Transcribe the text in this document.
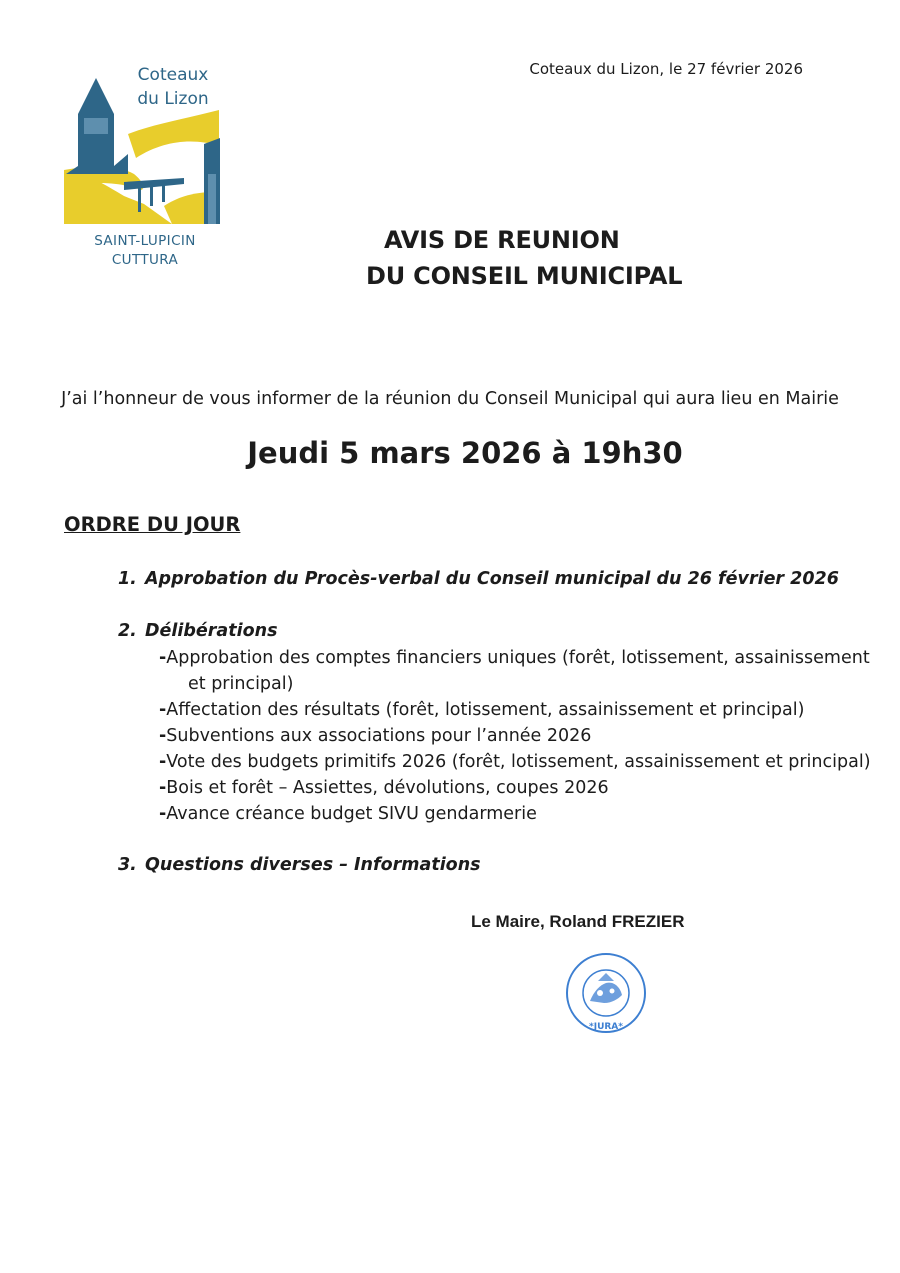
Coteaux
du Lizon
SAINT-LUPICIN
CUTTURA
Coteaux du Lizon, le 27 février 2026
AVIS DE REUNION
DU CONSEIL MUNICIPAL
J’ai l’honneur de vous informer de la réunion du Conseil Municipal qui aura lieu en Mairie
Jeudi 5 mars 2026 à 19h30
ORDRE DU JOUR
1. Approbation du Procès-verbal du Conseil municipal du 26 février 2026
2. Délibérations
-Approbation des comptes financiers uniques (forêt, lotissement, assainissement
et principal)
-Affectation des résultats (forêt, lotissement, assainissement et principal)
-Subventions aux associations pour l’année 2026
-Vote des budgets primitifs 2026 (forêt, lotissement, assainissement et principal)
-Bois et forêt – Assiettes, dévolutions, coupes 2026
-Avance créance budget SIVU gendarmerie
3. Questions diverses – Informations
Le Maire, Roland FREZIER
*JURA*
